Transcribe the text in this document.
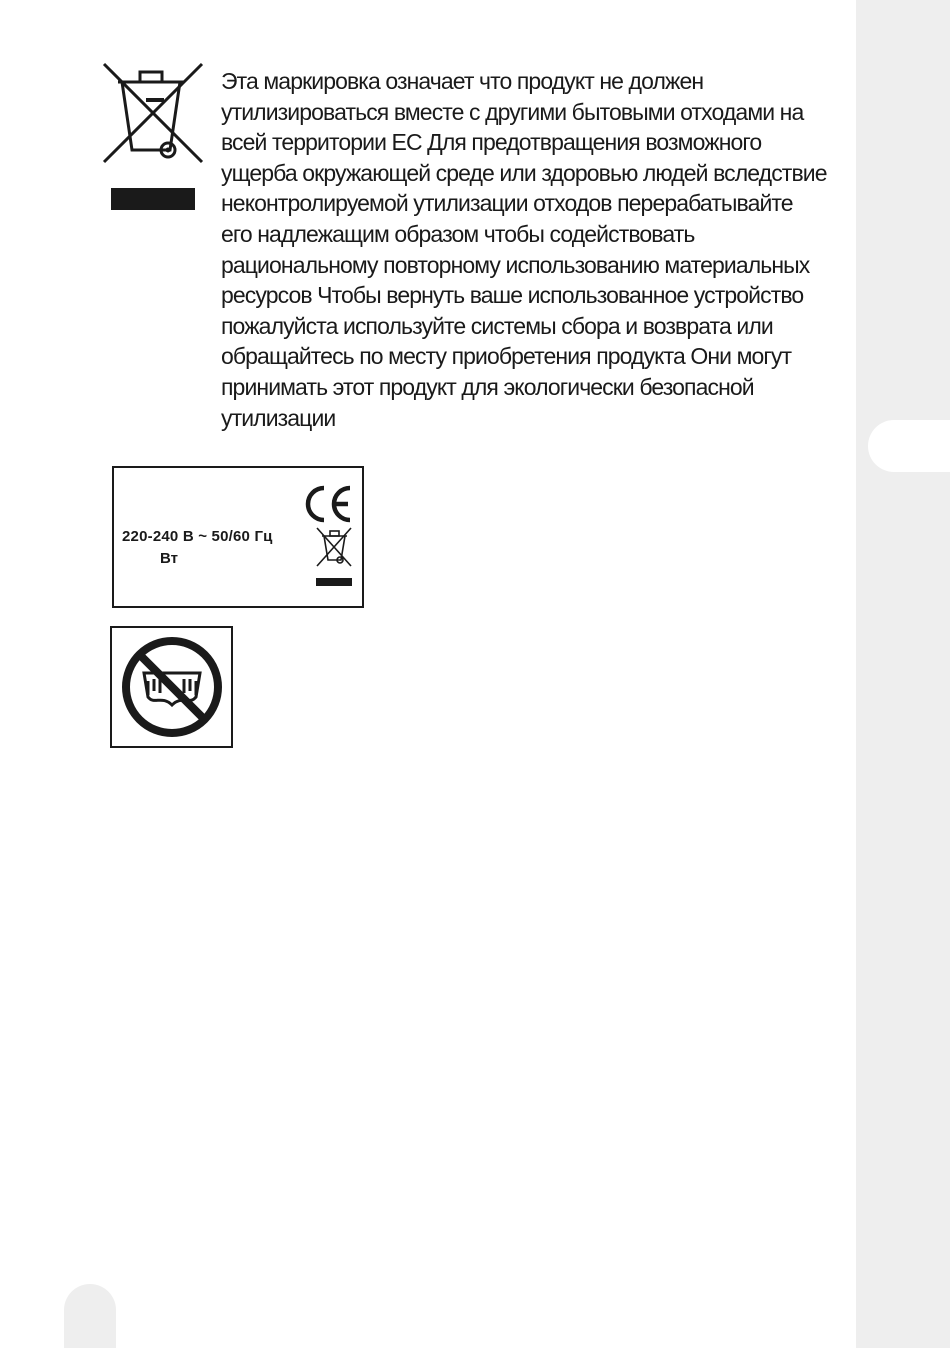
Эта маркировка означает что продукт не должен
утилизироваться вместе с другими бытовыми отходами на
всей территории ЕС Для предотвращения возможного
ущерба окружающей среде или здоровью людей вследствие
неконтролируемой утилизации отходов перерабатывайте
его надлежащим образом чтобы содействовать
рациональному повторному использованию материальных
ресурсов Чтобы вернуть ваше использованное устройство
пожалуйста используйте системы сбора и возврата или
обращайтесь по месту приобретения продукта Они могут
принимать этот продукт для экологически безопасной
утилизации
220-240 В ~ 50/60 Гц
Вт
